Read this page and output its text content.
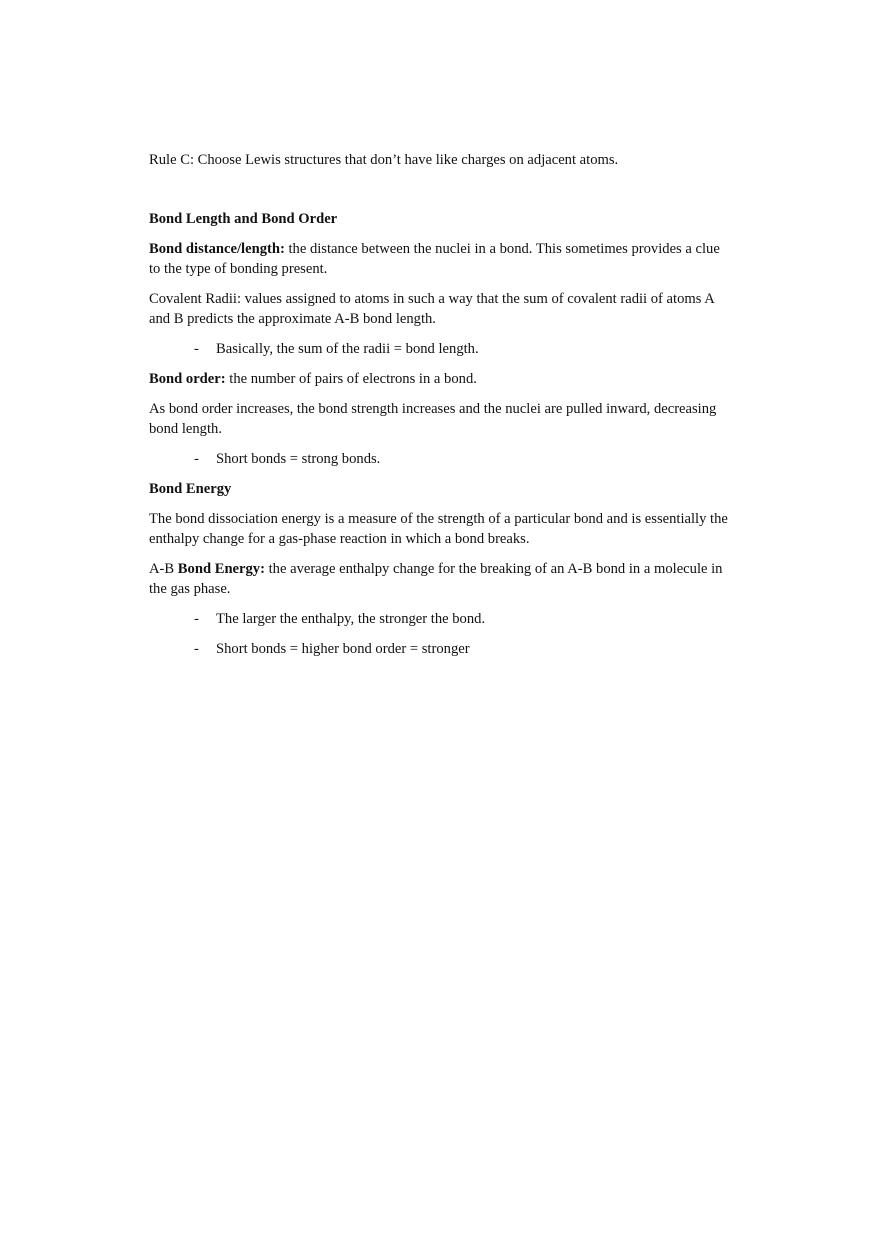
Rule C: Choose Lewis structures that don’t have like charges on adjacent atoms.

Bond Length and Bond Order

Bond distance/length: the distance between the nuclei in a bond. This sometimes provides a clue to the type of bonding present.

Covalent Radii: values assigned to atoms in such a way that the sum of covalent radii of atoms A and B predicts the approximate A-B bond length.

-	Basically, the sum of the radii = bond length.

Bond order: the number of pairs of electrons in a bond.

As bond order increases, the bond strength increases and the nuclei are pulled inward, decreasing bond length.

-	Short bonds = strong bonds.

Bond Energy

The bond dissociation energy is a measure of the strength of a particular bond and is essentially the enthalpy change for a gas-phase reaction in which a bond breaks.

A-B Bond Energy: the average enthalpy change for the breaking of an A-B bond in a molecule in the gas phase.

-	The larger the enthalpy, the stronger the bond.
-	Short bonds = higher bond order = stronger
